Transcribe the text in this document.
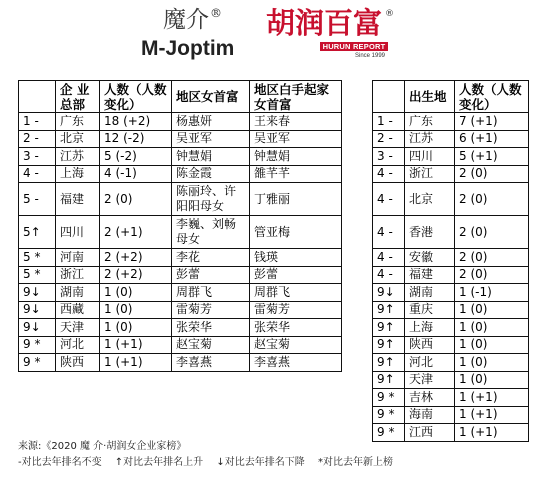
魔介®
M-Joptim
胡润百富 ®
HURUN REPORT
Since 1999
	企 业 总部	人数（人数变化）	地区女首富	地区白手起家女首富
1 -	广东	18 (+2)	杨惠妍	王来春
2 -	北京	12 (-2)	吴亚军	吴亚军
3 -	江苏	5 (-2)	钟慧娟	钟慧娟
4 -	上海	4 (-1)	陈金霞	雒芊芊
5 -	福建	2 (0)	陈丽玲、许阳阳母女	丁雅丽
5↑	四川	2 (+1)	李巍、刘畅母女	管亚梅
5 *	河南	2 (+2)	李花	钱瑛
5 *	浙江	2 (+2)	彭蕾	彭蕾
9↓	湖南	1 (0)	周群飞	周群飞
9↓	西藏	1 (0)	雷菊芳	雷菊芳
9↓	天津	1 (0)	张荣华	张荣华
9 *	河北	1 (+1)	赵宝菊	赵宝菊
9 *	陕西	1 (+1)	李喜燕	李喜燕
	出生地	人数（人数变化）
1 -	广东	7 (+1)
2 -	江苏	6 (+1)
3 -	四川	5 (+1)
4 -	浙江	2 (0)
4 -	北京	2 (0)
4 -	香港	2 (0)
4 -	安徽	2 (0)
4 -	福建	2 (0)
9↓	湖南	1 (-1)
9↑	重庆	1 (0)
9↑	上海	1 (0)
9↑	陕西	1 (0)
9↑	河北	1 (0)
9↑	天津	1 (0)
9 *	吉林	1 (+1)
9 *	海南	1 (+1)
9 *	江西	1 (+1)
来源:《2020 魔 介·胡润女企业家榜》
-对比去年排名不变 ↑对比去年排名上升 ↓对比去年排名下降 *对比去年新上榜
